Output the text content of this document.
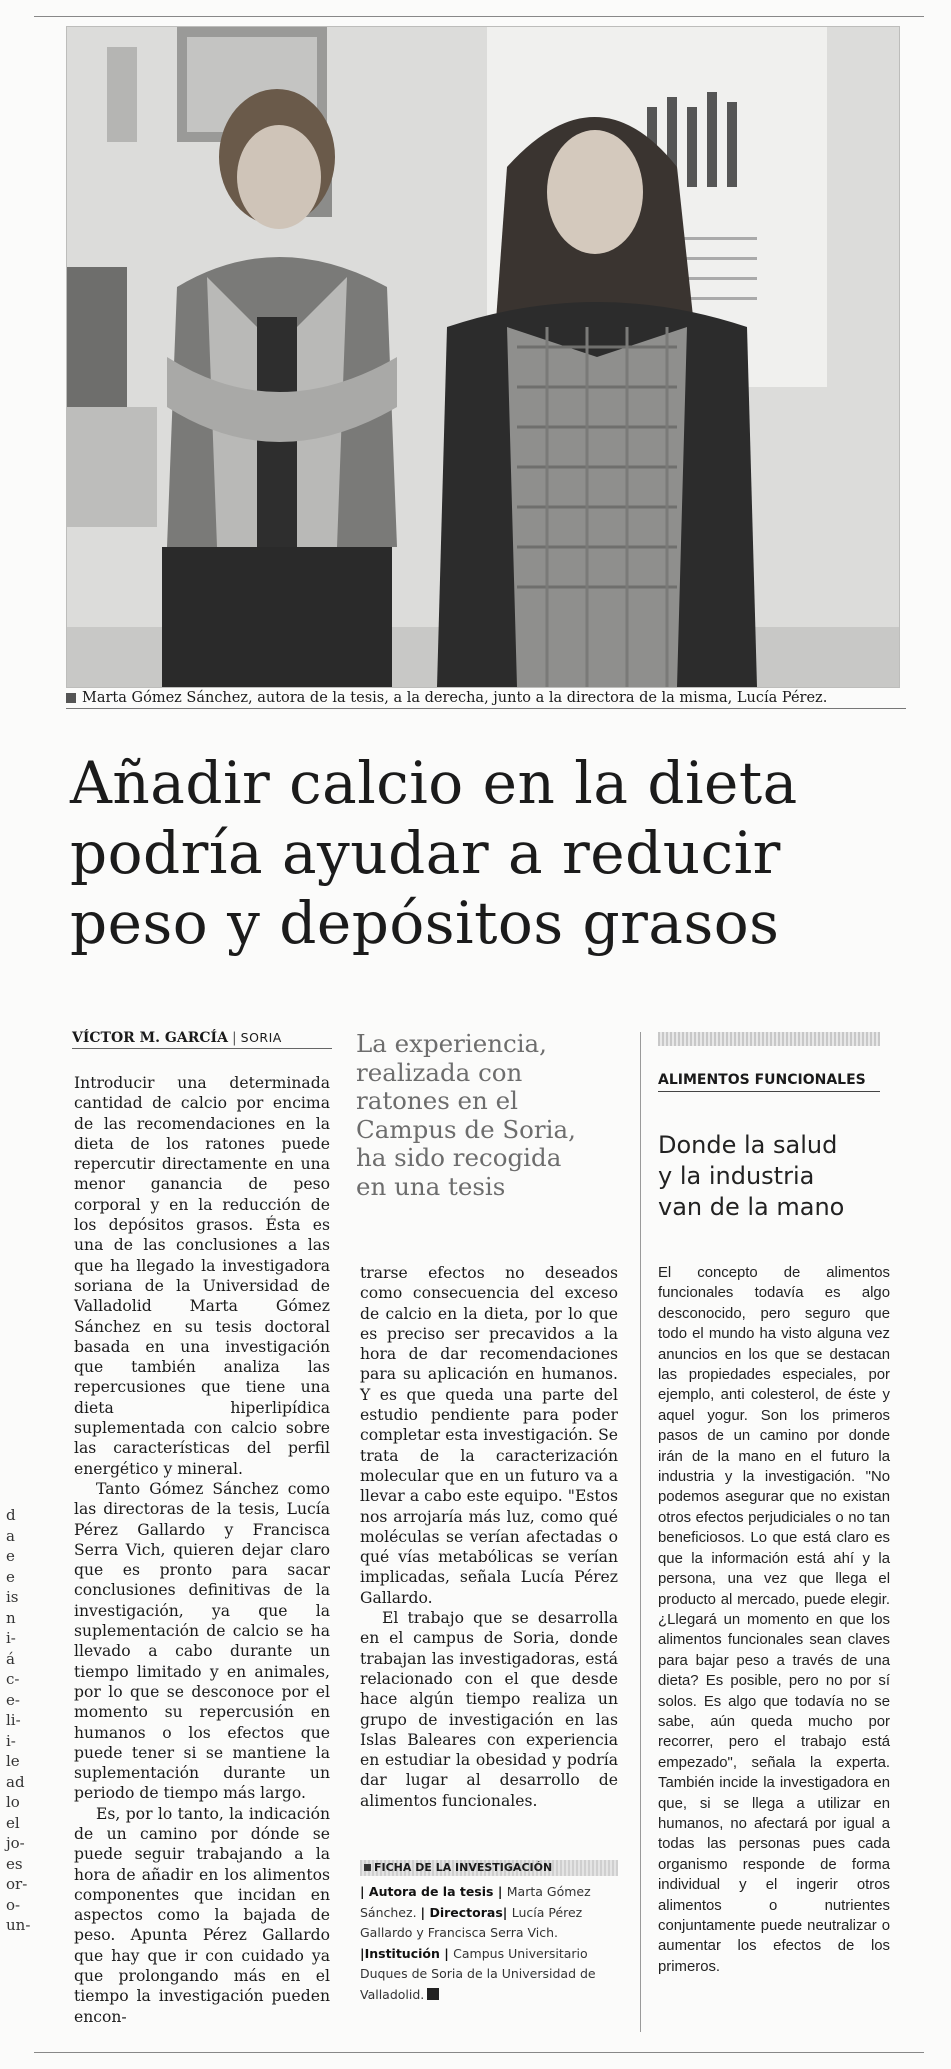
Marta Gómez Sánchez, autora de la tesis, a la derecha, junto a la directora de la misma, Lucía Pérez.
Añadir calcio en la dieta
podría ayudar a reducir
peso y depósitos grasos
VÍCTOR M. GARCÍA | SORIA

Introducir una determinada cantidad de calcio por encima de las recomendaciones en la dieta de los ratones puede repercutir directamente en una menor ganancia de peso corporal y en la reducción de los depósitos grasos. Ésta es una de las conclusiones a las que ha llegado la investigadora soriana de la Universidad de Valladolid Marta Gómez Sánchez en su tesis doctoral basada en una investigación que también analiza las repercusiones que tiene una dieta hiperlipídica suplementada con calcio sobre las características del perfil energético y mineral.

Tanto Gómez Sánchez como las directoras de la tesis, Lucía Pérez Gallardo y Francisca Serra Vich, quieren dejar claro que es pronto para sacar conclusiones definitivas de la investigación, ya que la suplementación de calcio se ha llevado a cabo durante un tiempo limitado y en animales, por lo que se desconoce por el momento su repercusión en humanos o los efectos que puede tener si se mantiene la suplementación durante un periodo de tiempo más largo.

Es, por lo tanto, la indicación de un camino por dónde se puede seguir trabajando a la hora de añadir en los alimentos componentes que incidan en aspectos como la bajada de peso. Apunta Pérez Gallardo que hay que ir con cuidado ya que prolongando más en el tiempo la investigación pueden encon-

La experiencia,
realizada con
ratones en el
Campus de Soria,
ha sido recogida
en una tesis

trarse efectos no deseados como consecuencia del exceso de calcio en la dieta, por lo que es preciso ser precavidos a la hora de dar recomendaciones para su aplicación en humanos. Y es que queda una parte del estudio pendiente para poder completar esta investigación. Se trata de la caracterización molecular que en un futuro va a llevar a cabo este equipo. "Estos nos arrojaría más luz, como qué moléculas se verían afectadas o qué vías metabólicas se verían implicadas, señala Lucía Pérez Gallardo.

El trabajo que se desarrolla en el campus de Soria, donde trabajan las investigadoras, está relacionado con el que desde hace algún tiempo realiza un grupo de investigación en las Islas Baleares con experiencia en estudiar la obesidad y podría dar lugar al desarrollo de alimentos funcionales.

FICHA DE LA INVESTIGACIÓN
| Autora de la tesis | Marta Gómez Sánchez. | Directoras| Lucía Pérez Gallardo y Francisca Serra Vich. |Institución | Campus Universitario Duques de Soria de la Universidad de Valladolid.
ALIMENTOS FUNCIONALES
Donde la salud
y la industria
van de la mano

El concepto de alimentos funcionales todavía es algo desconocido, pero seguro que todo el mundo ha visto alguna vez anuncios en los que se destacan las propiedades especiales, por ejemplo, anti colesterol, de éste y aquel yogur. Son los primeros pasos de un camino por donde irán de la mano en el futuro la industria y la investigación. "No podemos asegurar que no existan otros efectos perjudiciales o no tan beneficiosos. Lo que está claro es que la información está ahí y la persona, una vez que llega el producto al mercado, puede elegir. ¿Llegará un momento en que los alimentos funcionales sean claves para bajar peso a través de una dieta? Es posible, pero no por sí solos. Es algo que todavía no se sabe, aún queda mucho por recorrer, pero el trabajo está empezado", señala la experta. También incide la investigadora en que, si se llega a utilizar en humanos, no afectará por igual a todas las personas pues cada organismo responde de forma individual y el ingerir otros alimentos o nutrientes conjuntamente puede neutralizar o aumentar los efectos de los primeros.

d
a
e
e
is
n
i-
á
c-
e-
li-
i-
le
ad
lo
el
jo-
es
or-
o-
un-
